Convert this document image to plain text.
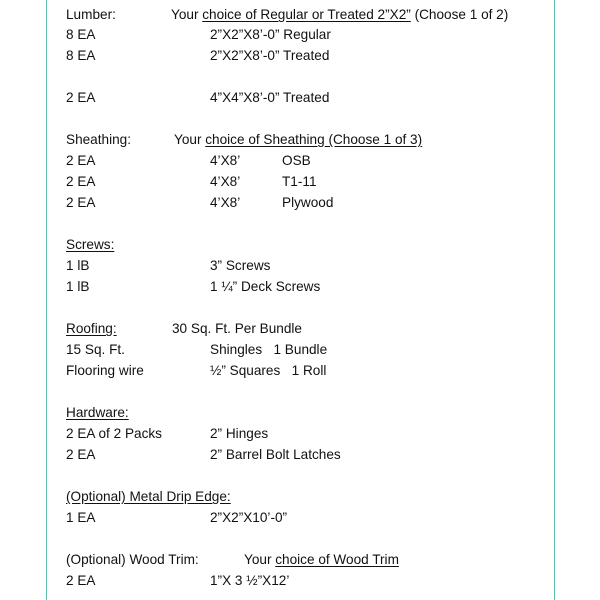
Lumber:	Your choice of Regular or Treated 2”X2” (Choose 1 of 2)
8 EA	2”X2”X8’-0” Regular
8 EA	2”X2”X8’-0” Treated
2 EA	4”X4”X8’-0” Treated
Sheathing:	Your choice of Sheathing (Choose 1 of 3)
2 EA	4’X8’	OSB
2 EA	4’X8’	T1-11
2 EA	4’X8’	Plywood
Screws:
1 lB	3” Screws
1 lB	1 ¼” Deck Screws
Roofing:	30 Sq. Ft. Per Bundle
15 Sq. Ft.	Shingles   1 Bundle
Flooring wire	½” Squares   1 Roll
Hardware:
2 EA of 2 Packs	2” Hinges
2 EA	2” Barrel Bolt Latches
(Optional) Metal Drip Edge:
1 EA	2”X2”X10’-0”
(Optional) Wood Trim:	Your choice of Wood Trim
2 EA	1”X 3 ½”X12’
